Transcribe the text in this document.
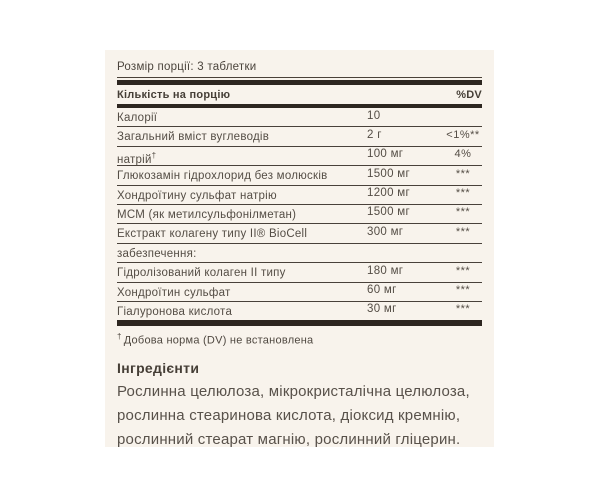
Розмір порції: 3 таблетки
Кількість на порцію	%DV
Калорії	10
Загальний вміст вуглеводів	2 г	<1%**
натрій†	100 мг	4%
Глюкозамін гідрохлорид без молюсків	1500 мг	***
Хондроїтину сульфат натрію	1200 мг	***
МСМ (як метилсульфонілметан)	1500 мг	***
Екстракт колагену типу II® BioCell	300 мг	***
забезпечення:
Гідролізований колаген II типу	180 мг	***
Хондроїтин сульфат	60 мг	***
Гіалуронова кислота	30 мг	***
† Добова норма (DV) не встановлена
Інгредієнти
Рослинна целюлоза, мікрокристалічна целюлоза, рослинна стеаринова кислота, діоксид кремнію, рослинний стеарат магнію, рослинний гліцерин.
